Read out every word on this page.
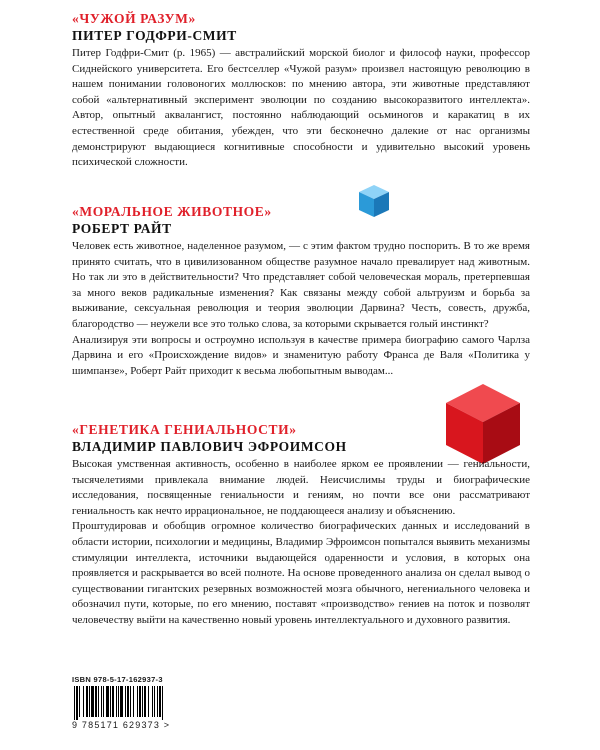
«ЧУЖОЙ РАЗУМ»
ПИТЕР ГОДФРИ-СМИТ

Питер Годфри-Смит (р. 1965) — австралийский морской биолог и философ науки, профессор Сиднейского университета. Его бестселлер «Чужой разум» произвел настоящую революцию в нашем понимании головоногих моллюсков: по мнению автора, эти животные представляют собой «альтернативный эксперимент эволюции по созданию высокоразвитого интеллекта». Автор, опытный аквалангист, постоянно наблюдающий осьминогов и каракатиц в их естественной среде обитания, убежден, что эти бесконечно далекие от нас организмы демонстрируют выдающиеся когнитивные способности и удивительно высокий уровень психической сложности.

«МОРАЛЬНОЕ ЖИВОТНОЕ»
РОБЕРТ РАЙТ

Человек есть животное, наделенное разумом, — с этим фактом трудно поспорить. В то же время принято считать, что в цивилизованном обществе разумное начало превалирует над животным. Но так ли это в действительности? Что представляет собой человеческая мораль, претерпевшая за много веков радикальные изменения? Как связаны между собой альтруизм и борьба за выживание, сексуальная революция и теория эволюции Дарвина? Честь, совесть, дружба, благородство — неужели все это только слова, за которыми скрывается голый инстинкт?

Анализируя эти вопросы и остроумно используя в качестве примера биографию самого Чарлза Дарвина и его «Происхождение видов» и знаменитую работу Франса де Валя «Политика у шимпанзе», Роберт Райт приходит к весьма любопытным выводам...

«ГЕНЕТИКА ГЕНИАЛЬНОСТИ»
ВЛАДИМИР ПАВЛОВИЧ ЭФРОИМСОН

Высокая умственная активность, особенно в наиболее ярком ее проявлении — гениальности, тысячелетиями привлекала внимание людей. Неисчислимы труды и биографические исследования, посвященные гениальности и гениям, но почти все они рассматривают гениальность как нечто иррациональное, не поддающееся анализу и объяснению.

Проштудировав и обобщив огромное количество биографических данных и исследований в области истории, психологии и медицины, Владимир Эфроимсон попытался выявить механизмы стимуляции интеллекта, источники выдающейся одаренности и условия, в которых она проявляется и раскрывается во всей полноте. На основе проведенного анализа он сделал вывод о существовании гигантских резервных возможностей мозга обычного, негениального человека и обозначил пути, которые, по его мнению, поставят «производство» гениев на поток и позволят человечеству выйти на качественно новый уровень интеллектуального и духовного развития.

ISBN 978-5-17-162937-3
9 785171 629373 >
